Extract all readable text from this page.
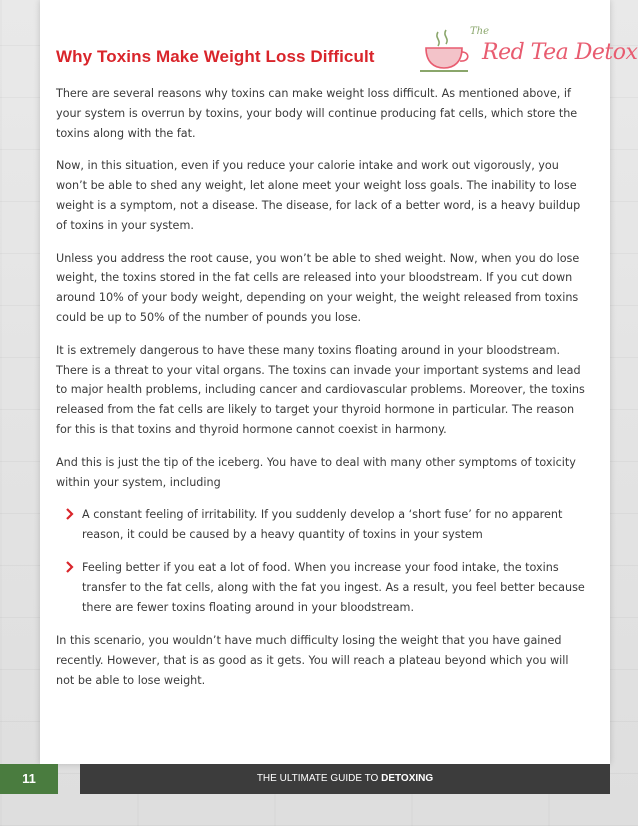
Why Toxins Make Weight Loss Difficult
The
Red Tea Detox

There are several reasons why toxins can make weight loss difficult. As mentioned above, if your system is overrun by toxins, your body will continue producing fat cells, which store the toxins along with the fat.

Now, in this situation, even if you reduce your calorie intake and work out vigorously, you won’t be able to shed any weight, let alone meet your weight loss goals. The inability to lose weight is a symptom, not a disease. The disease, for lack of a better word, is a heavy buildup of toxins in your system.

Unless you address the root cause, you won’t be able to shed weight. Now, when you do lose weight, the toxins stored in the fat cells are released into your bloodstream. If you cut down around 10% of your body weight, depending on your weight, the weight released from toxins could be up to 50% of the number of pounds you lose.

It is extremely dangerous to have these many toxins floating around in your bloodstream. There is a threat to your vital organs. The toxins can invade your important systems and lead to major health problems, including cancer and cardiovascular problems. Moreover, the toxins released from the fat cells are likely to target your thyroid hormone in particular. The reason for this is that toxins and thyroid hormone cannot coexist in harmony.

And this is just the tip of the iceberg. You have to deal with many other symptoms of toxicity within your system, including

A constant feeling of irritability. If you suddenly develop a ‘short fuse’ for no apparent reason, it could be caused by a heavy quantity of toxins in your system
Feeling better if you eat a lot of food. When you increase your food intake, the toxins transfer to the fat cells, along with the fat you ingest. As a result, you feel better because there are fewer toxins floating around in your bloodstream.

In this scenario, you wouldn’t have much difficulty losing the weight that you have gained recently. However, that is as good as it gets. You will reach a plateau beyond which you will not be able to lose weight.

11	THE ULTIMATE GUIDE TO DETOXING
